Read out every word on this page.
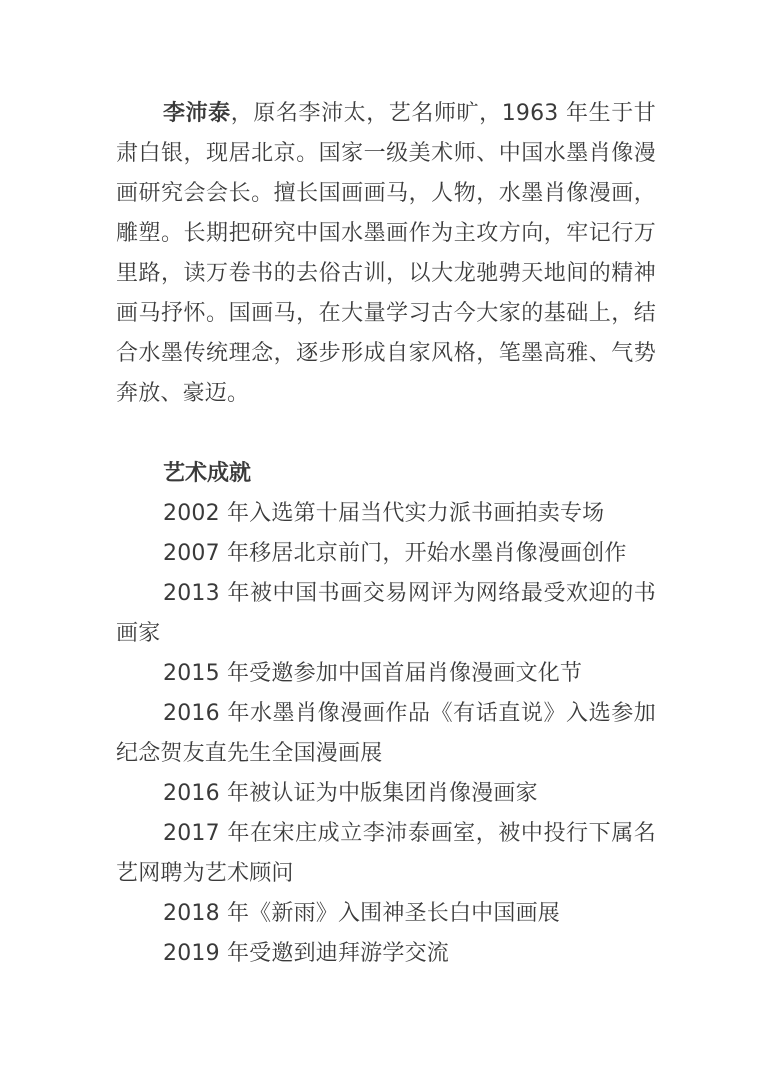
李沛泰，原名李沛太，艺名师旷，1963 年生于甘肃白银，现居北京。国家一级美术师、中国水墨肖像漫画研究会会长。擅长国画画马，人物，水墨肖像漫画，雕塑。长期把研究中国水墨画作为主攻方向，牢记行万里路，读万卷书的去俗古训，以大龙驰骋天地间的精神画马抒怀。国画马，在大量学习古今大家的基础上，结合水墨传统理念，逐步形成自家风格，笔墨高雅、气势奔放、豪迈。

艺术成就
2002 年入选第十届当代实力派书画拍卖专场
2007 年移居北京前门，开始水墨肖像漫画创作
2013 年被中国书画交易网评为网络最受欢迎的书画家
2015 年受邀参加中国首届肖像漫画文化节
2016 年水墨肖像漫画作品《有话直说》入选参加纪念贺友直先生全国漫画展
2016 年被认证为中版集团肖像漫画家
2017 年在宋庄成立李沛泰画室，被中投行下属名艺网聘为艺术顾问
2018 年《新雨》入围神圣长白中国画展
2019 年受邀到迪拜游学交流
